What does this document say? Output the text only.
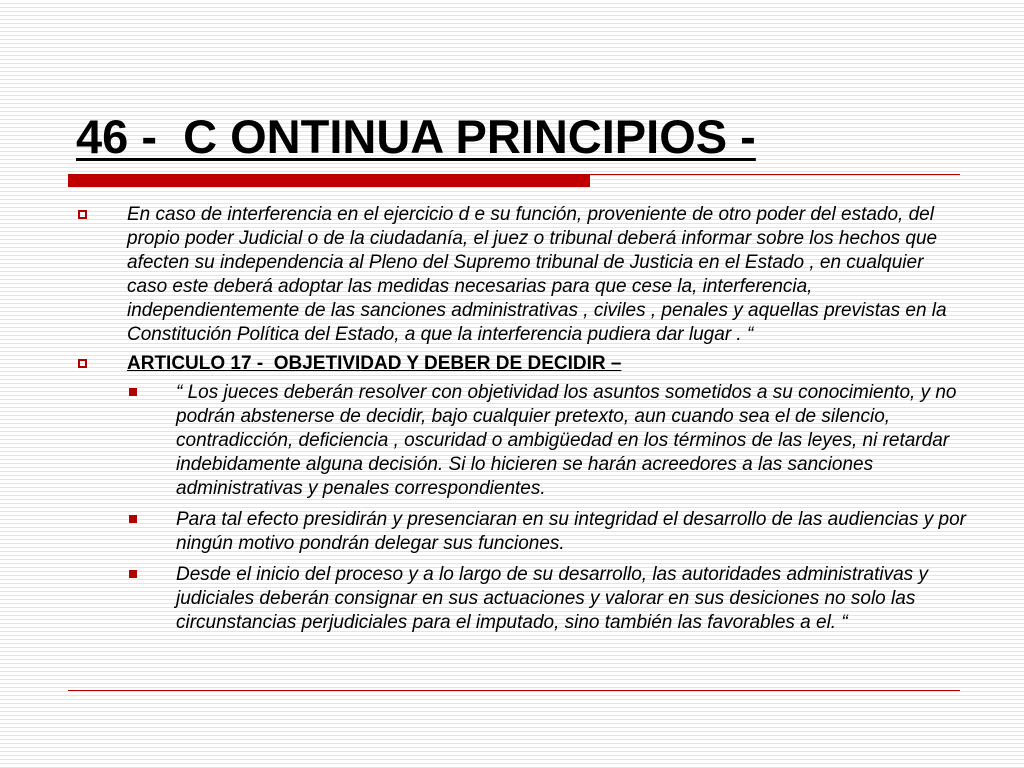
46 -  C ONTINUA PRINCIPIOS -

En caso de interferencia en el ejercicio d e su función, proveniente de otro poder del estado, del propio poder Judicial o de la ciudadanía, el juez o tribunal deberá informar sobre los hechos que afecten su independencia al Pleno del Supremo tribunal de Justicia en el Estado , en cualquier caso este deberá adoptar las medidas necesarias para que cese la, interferencia, independientemente de las sanciones administrativas , civiles , penales y aquellas previstas en la Constitución Política del Estado, a que la interferencia pudiera dar lugar . “

ARTICULO 17 -  OBJETIVIDAD Y DEBER DE DECIDIR –

“ Los jueces deberán resolver con objetividad los asuntos sometidos a su conocimiento, y no podrán abstenerse de decidir, bajo cualquier pretexto, aun cuando sea el de silencio, contradicción, deficiencia , oscuridad o ambigüedad en los términos de las leyes, ni retardar indebidamente alguna decisión. Si lo hicieren se harán acreedores a las sanciones administrativas y penales correspondientes.

Para tal efecto presidirán y presenciaran en su integridad el desarrollo de las audiencias y por ningún motivo pondrán delegar sus funciones.

Desde el inicio del proceso y a lo largo de su desarrollo, las autoridades administrativas y judiciales deberán consignar en sus actuaciones y valorar en sus desiciones no solo las circunstancias perjudiciales para el imputado, sino también las favorables a el. “
